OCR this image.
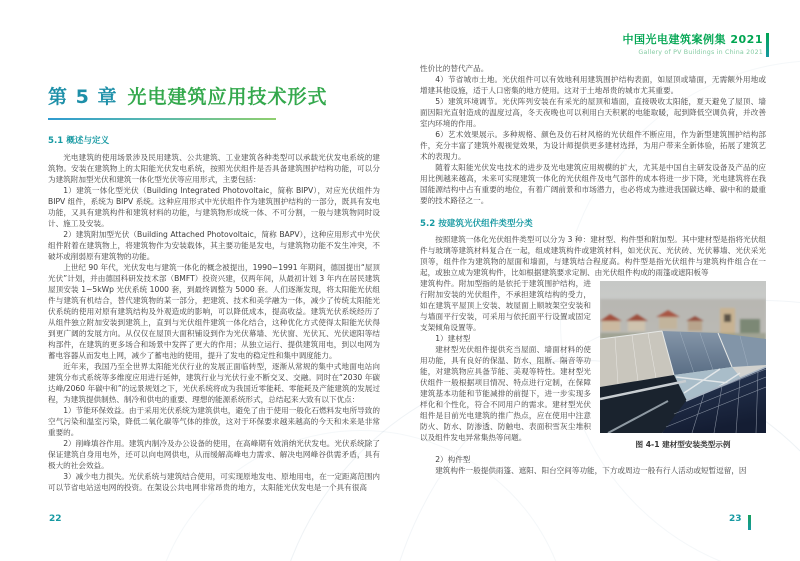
中国光电建筑案例集 2021
Gallery of PV Buildings in China 2021
第 5 章 光电建筑应用技术形式
5.1 概述与定义

光电建筑的使用场景涉及民用建筑、公共建筑、工业建筑各种类型可以承载光伏发电系统的建筑物。安装在建筑物上的太阳能光伏发电系统，按照光伏组件是否具备建筑围护结构功能，可以分为建筑附加型光伏和建筑一体化型光伏等应用形式，主要包括：

1）建筑一体化型光伏（Building Integrated Photovoltaic，简称 BIPV），对应光伏组件为 BIPV 组件，系统为 BIPV 系统。这种应用形式中光伏组件作为建筑围护结构的一部分，既具有发电功能，又具有建筑构件和建筑材料的功能，与建筑物形成统一体、不可分割，一般与建筑物同时设计、施工及安装。

2）建筑附加型光伏（Building Attached Photovoltaic，简称 BAPV），这种应用形式中光伏组件附着在建筑物上，将建筑物作为安装载体，其主要功能是发电，与建筑物功能不发生冲突，不破坏或削弱原有建筑物的功能。

上世纪 90 年代，光伏发电与建筑一体化的概念被提出，1990~1991 年期间，德国提出“屋顶光伏”计划，并由德国科研发技术部（BMFT）投资兴建，仅两年间，从最初计划 3 年内在居民建筑屋顶安装 1~5kWp 光伏系统 1000 套，到最终调整为 5000 套。人们逐渐发现，将太阳能光伏组件与建筑有机结合，替代建筑物的某一部分，把建筑、技术和美学融为一体，减少了传统太阳能光伏系统的使用对原有建筑结构及外观造成的影响，可以降低成本，提高收益。建筑光伏系统经历了从组件独立附加安装到建筑上，直到与光伏组件建筑一体化结合，这种优化方式使得太阳能光伏得到更广阔的发展方向。从仅仅在屋顶大面积铺设到作为光伏幕墙、光伏窗、光伏瓦、光伏遮阳等结构部件，在建筑的更多场合和场景中发挥了更大的作用；从独立运行、提供建筑用电，到以电网为蓄电容器从而发电上网，减少了蓄电池的使用，提升了发电的稳定性和集中调度能力。

近年来，我国乃至全世界太阳能光伏行业的发展正面临转型，逐渐从常规的集中式地面电站向建筑分布式系统等多维度应用进行延伸，建筑行业与光伏行业不断交叉、交融。同时在“2030 年碳达峰/2060 年碳中和”的远景规划之下，光伏系统将成为我国近零能耗、零能耗及产能建筑的发展过程，为建筑提供制热、制冷和供电的重要、理想的能源系统形式，总结起来大致有以下优点：

1）节能环保效益。由于采用光伏系统为建筑供电，避免了由于使用一般化石燃料发电所导致的空气污染和温室污染，降低二氧化碳等气体的排放，这对于环保要求越来越高的今天和未来是非常重要的。

2）削峰填谷作用。建筑内制冷及办公设备的使用，在高峰期有效消纳光伏发电。光伏系统除了保证建筑自身用电外，还可以向电网供电，从而缓解高峰电力需求、解决电网峰谷供需矛盾，具有极大的社会效益。

3）减少电力损失。光伏系统与建筑结合使用，可实现原地发电、原地用电，在一定距离范围内可以节省电站送电网的投资。在架设公共电网非常昂贵的地方，太阳能光伏发电是一个具有很高

性价比的替代产品。

4）节省城市土地。光伏组件可以有效地利用建筑围护结构表面，如屋顶或墙面，无需额外用地或增建其他设施，适于人口密集的地方使用。这对于土地昂贵的城市尤其重要。

5）建筑环境调节。光伏阵列安装在有采光的屋顶和墙面，直接吸收太阳能，夏天避免了屋顶、墙面因阳光直射造成的温度过高，冬天夜晚也可以利用白天积累的电能取暖，起到降低空调负荷，并改善室内环境的作用。

6）艺术效果展示。多种规格、颜色及仿石材风格的光伏组件不断应用，作为新型建筑围护结构部件，充分丰富了建筑外观视觉效果，为设计师提供更多建材选择，为用户带来全新体验，拓展了建筑艺术的表现力。

随着太阳能光伏发电技术的进步及光电建筑应用规模的扩大，尤其是中国自主研发设备及产品的应用比例越来越高，未来可实现建筑一体化的光伏组件及电气部件的成本将进一步下降，光电建筑将在我国能源结构中占有重要的地位，有着广阔前景和市场潜力，也必将成为推进我国碳达峰、碳中和的最重要的技术路径之一。

5.2 按建筑光伏组件类型分类

按照建筑一体化光伏组件类型可以分为 3 种：建材型、构件型和附加型。其中建材型是指将光伏组件与玻璃等建筑材料复合在一起，组成建筑构件或建筑材料，如光伏瓦、光伏砖、光伏幕墙、光伏采光顶等，组件作为建筑物的屋面和墙面，与建筑结合程度高。构件型是指光伏组件与建筑构件组合在一起，或独立成为建筑构件，比如根据建筑要求定制、由光伏组件构成的雨篷或遮阳板等

图 4-1 建材型安装类型示例

建筑构件。附加型指的是依托于建筑围护结构，进行附加安装的光伏组件，不承担建筑结构的受力，如在建筑平屋顶上安装、坡屋面上顺坡架空安装和与墙面平行安装，可采用与依托面平行设置或固定支架倾角设置等。

1）建材型

建材型光伏组件提供充当屋面、墙面材料的使用功能，具有良好的保温、防水、阻断、隔音等功能，对建筑物应具备节能、美观等特性。建材型光伏组件一般根据项目情况、特点进行定制，在保障建筑基本功能和节能减排的前提下，进一步实现多样化和个性化，符合不同用户的需求。建材型光伏组件是目前光电建筑的推广热点，应在使用中注意防火、防水、防渗透、防触电、表面积雪灰尘堆积以及组件发电异常集热等问题。

2）构件型

建筑构件一般提供雨篷、遮阳、阳台空间等功能，下方或周边一般有行人活动或短暂逗留，因

22	23
